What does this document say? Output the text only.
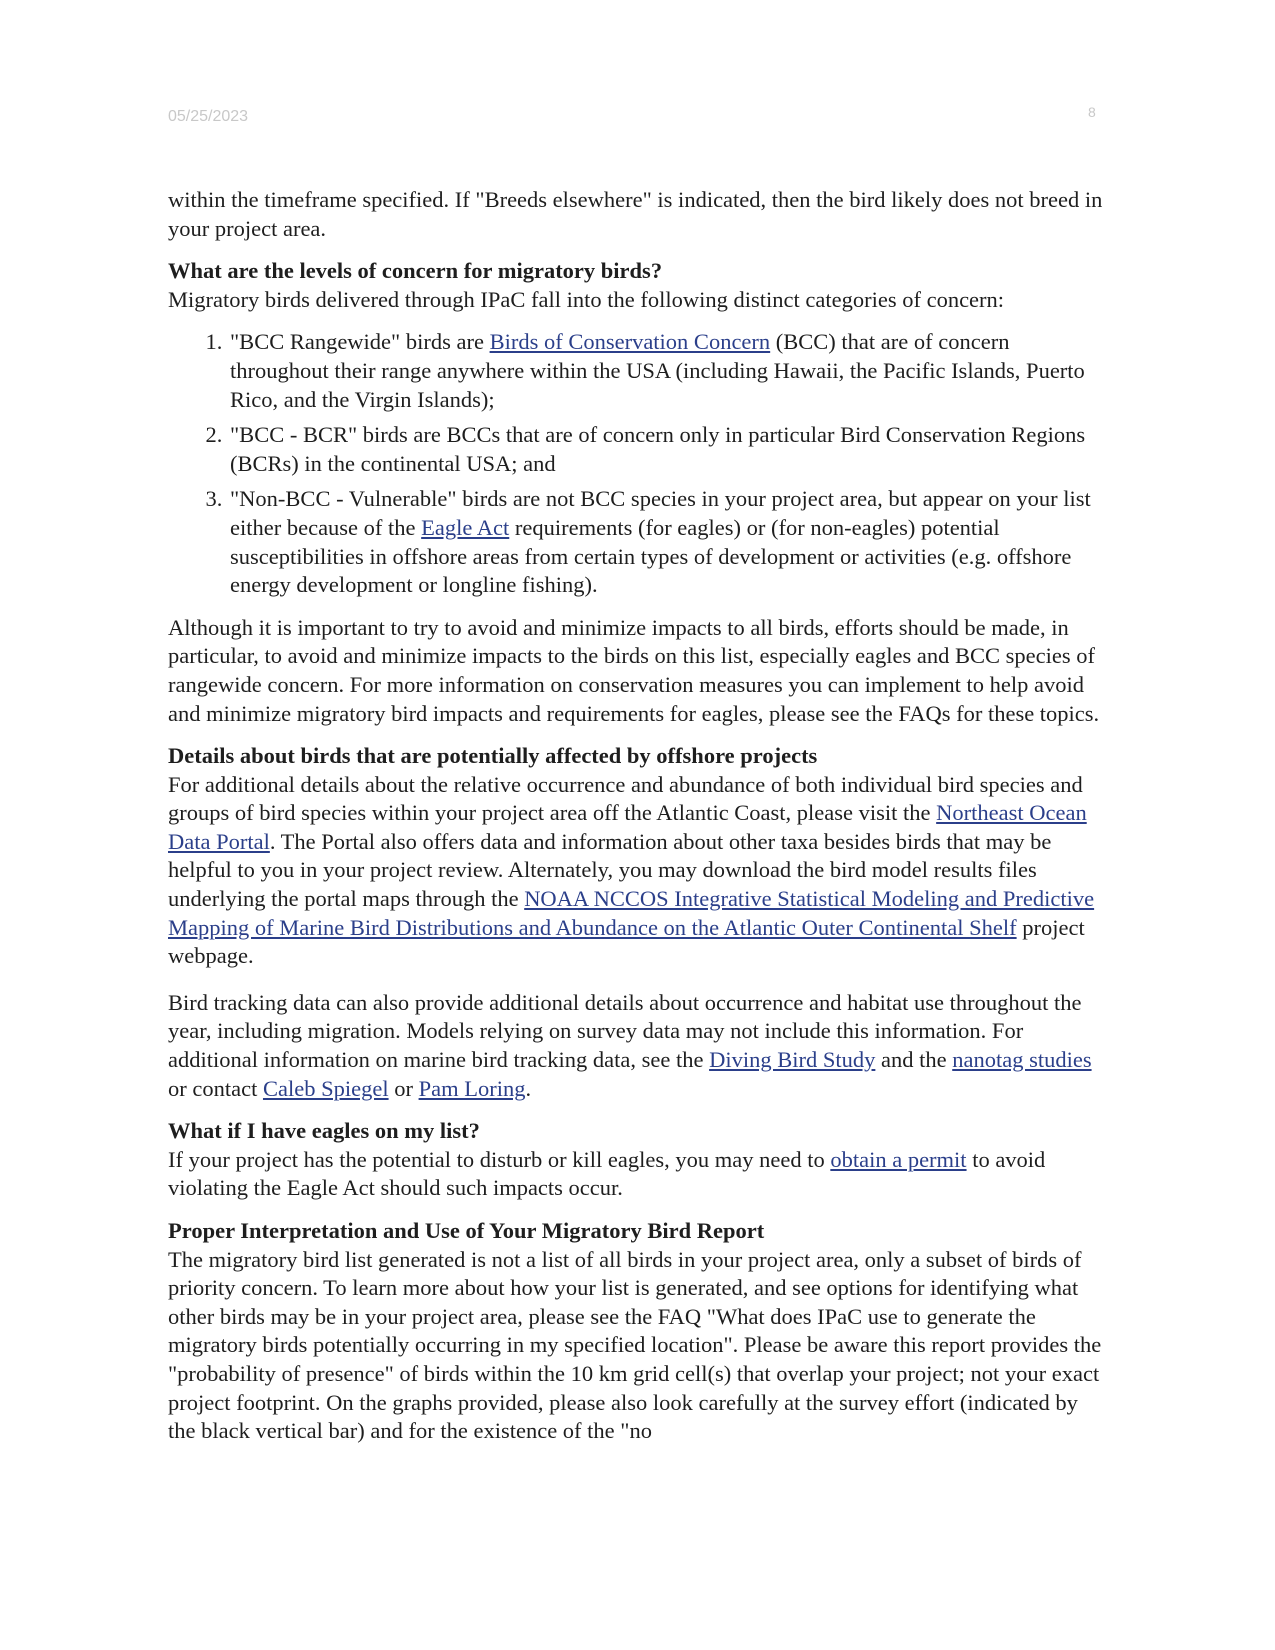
05/25/2023	8

within the timeframe specified. If "Breeds elsewhere" is indicated, then the bird likely does not breed in your project area.

What are the levels of concern for migratory birds?

Migratory birds delivered through IPaC fall into the following distinct categories of concern:

1. "BCC Rangewide" birds are Birds of Conservation Concern (BCC) that are of concern throughout their range anywhere within the USA (including Hawaii, the Pacific Islands, Puerto Rico, and the Virgin Islands);
2. "BCC - BCR" birds are BCCs that are of concern only in particular Bird Conservation Regions (BCRs) in the continental USA; and
3. "Non-BCC - Vulnerable" birds are not BCC species in your project area, but appear on your list either because of the Eagle Act requirements (for eagles) or (for non-eagles) potential susceptibilities in offshore areas from certain types of development or activities (e.g. offshore energy development or longline fishing).

Although it is important to try to avoid and minimize impacts to all birds, efforts should be made, in particular, to avoid and minimize impacts to the birds on this list, especially eagles and BCC species of rangewide concern. For more information on conservation measures you can implement to help avoid and minimize migratory bird impacts and requirements for eagles, please see the FAQs for these topics.

Details about birds that are potentially affected by offshore projects

For additional details about the relative occurrence and abundance of both individual bird species and groups of bird species within your project area off the Atlantic Coast, please visit the Northeast Ocean Data Portal. The Portal also offers data and information about other taxa besides birds that may be helpful to you in your project review. Alternately, you may download the bird model results files underlying the portal maps through the NOAA NCCOS Integrative Statistical Modeling and Predictive Mapping of Marine Bird Distributions and Abundance on the Atlantic Outer Continental Shelf project webpage.

Bird tracking data can also provide additional details about occurrence and habitat use throughout the year, including migration. Models relying on survey data may not include this information. For additional information on marine bird tracking data, see the Diving Bird Study and the nanotag studies or contact Caleb Spiegel or Pam Loring.

What if I have eagles on my list?

If your project has the potential to disturb or kill eagles, you may need to obtain a permit to avoid violating the Eagle Act should such impacts occur.

Proper Interpretation and Use of Your Migratory Bird Report

The migratory bird list generated is not a list of all birds in your project area, only a subset of birds of priority concern. To learn more about how your list is generated, and see options for identifying what other birds may be in your project area, please see the FAQ "What does IPaC use to generate the migratory birds potentially occurring in my specified location". Please be aware this report provides the "probability of presence" of birds within the 10 km grid cell(s) that overlap your project; not your exact project footprint. On the graphs provided, please also look carefully at the survey effort (indicated by the black vertical bar) and for the existence of the "no
